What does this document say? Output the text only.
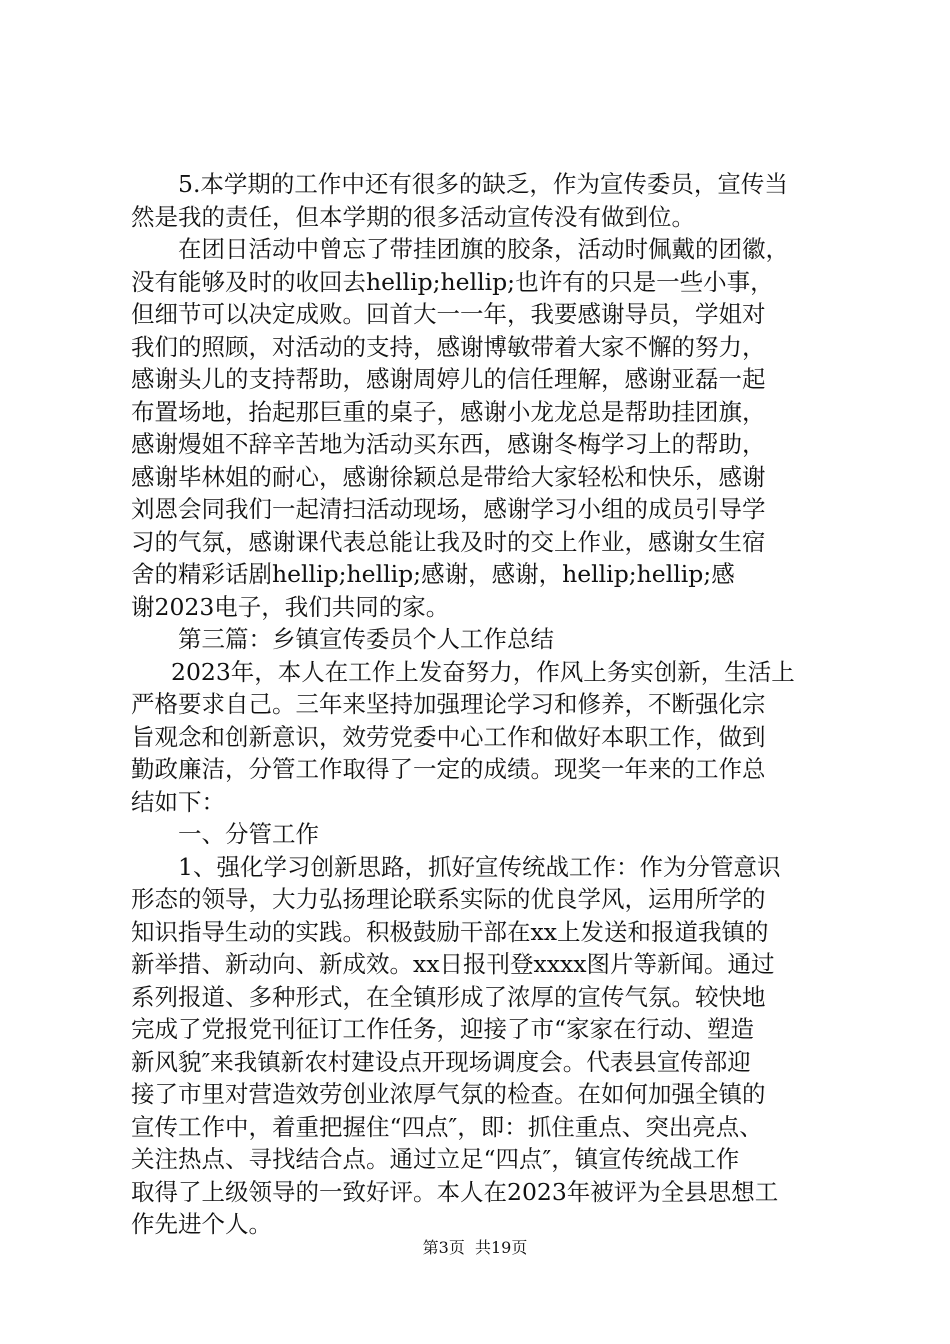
5.本学期的工作中还有很多的缺乏，作为宣传委员，宣传当
然是我的责任，但本学期的很多活动宣传没有做到位。
在团日活动中曾忘了带挂团旗的胶条，活动时佩戴的团徽，
没有能够及时的收回去hellip;hellip;也许有的只是一些小事，
但细节可以决定成败。回首大一一年，我要感谢导员，学姐对
我们的照顾，对活动的支持，感谢博敏带着大家不懈的努力，
感谢头儿的支持帮助，感谢周婷儿的信任理解，感谢亚磊一起
布置场地，抬起那巨重的桌子，感谢小龙龙总是帮助挂团旗，
感谢熳姐不辞辛苦地为活动买东西，感谢冬梅学习上的帮助，
感谢毕林姐的耐心，感谢徐颖总是带给大家轻松和快乐，感谢
刘恩会同我们一起清扫活动现场，感谢学习小组的成员引导学
习的气氛，感谢课代表总能让我及时的交上作业，感谢女生宿
舍的精彩话剧hellip;hellip;感谢，感谢，hellip;hellip;感
谢2023电子，我们共同的家。
第三篇：乡镇宣传委员个人工作总结
2023年，本人在工作上发奋努力，作风上务实创新，生活上
严格要求自己。三年来坚持加强理论学习和修养，不断强化宗
旨观念和创新意识，效劳党委中心工作和做好本职工作，做到
勤政廉洁，分管工作取得了一定的成绩。现奖一年来的工作总
结如下：
一、分管工作
1、强化学习创新思路，抓好宣传统战工作：作为分管意识
形态的领导，大力弘扬理论联系实际的优良学风，运用所学的
知识指导生动的实践。积极鼓励干部在xx上发送和报道我镇的
新举措、新动向、新成效。xx日报刊登xxxx图片等新闻。通过
系列报道、多种形式，在全镇形成了浓厚的宣传气氛。较快地
完成了党报党刊征订工作任务，迎接了市“家家在行动、塑造
新风貌″来我镇新农村建设点开现场调度会。代表县宣传部迎
接了市里对营造效劳创业浓厚气氛的检查。在如何加强全镇的
宣传工作中，着重把握住“四点″，即：抓住重点、突出亮点、
关注热点、寻找结合点。通过立足“四点″，镇宣传统战工作
取得了上级领导的一致好评。本人在2023年被评为全县思想工
作先进个人。
第3页  共19页
